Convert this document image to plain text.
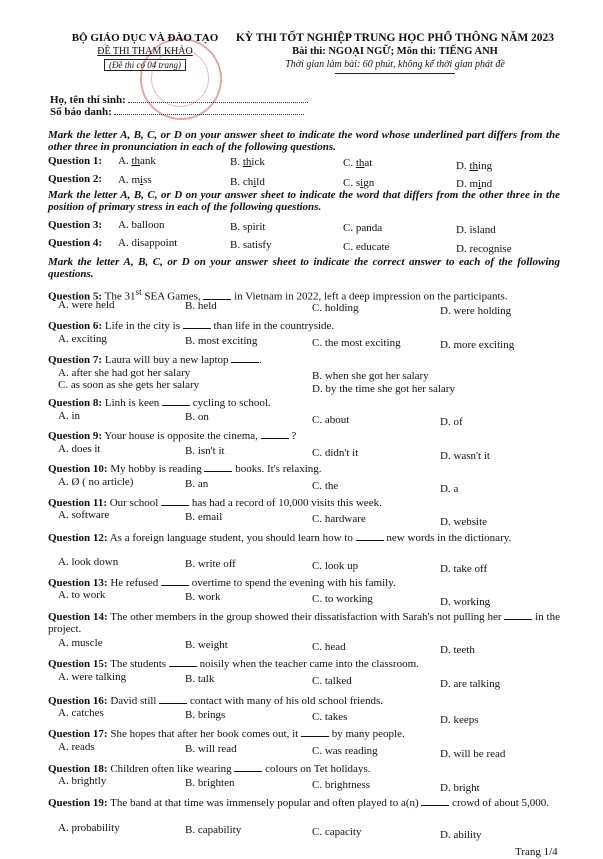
BỘ GIÁO DỤC VÀ ĐÀO TẠO
ĐỀ THI THAM KHẢO
(Đề thi có 04 trang)
KỲ THI TỐT NGHIỆP TRUNG HỌC PHỔ THÔNG NĂM 2023
Bài thi: NGOẠI NGỮ; Môn thi: TIẾNG ANH
Thời gian làm bài: 60 phút, không kể thời gian phát đề
Họ, tên thí sinh:
Số báo danh:
Mark the letter A, B, C, or D on your answer sheet to indicate the word whose underlined part differs from the other three in pronunciation in each of the following questions.
Question 1: A. thank	B. thick	C. that	D. thing
Question 2: A. miss	B. child	C. sign	D. mind
Mark the letter A, B, C, or D on your answer sheet to indicate the word that differs from the other three in the position of primary stress in each of the following questions.
Question 3: A. balloon	B. spirit	C. panda	D. island
Question 4: A. disappoint	B. satisfy	C. educate	D. recognise
Mark the letter A, B, C, or D on your answer sheet to indicate the correct answer to each of the following questions.
Question 5: The 31st SEA Games,	in Vietnam in 2022, left a deep impression on the participants.
A. were held	B. held	C. holding	D. were holding
Question 6: Life in the city is	than life in the countryside.
A. exciting	B. most exciting	C. the most exciting	D. more exciting
Question 7: Laura will buy a new laptop	.
A. after she had got her salary	B. when she got her salary
C. as soon as she gets her salary	D. by the time she got her salary
Question 8: Linh is keen	cycling to school.
A. in	B. on	C. about	D. of
Question 9: Your house is opposite the cinema,	?
A. does it	B. isn't it	C. didn't it	D. wasn't it
Question 10: My hobby is reading	books. It's relaxing.
A. Ø ( no article)	B. an	C. the	D. a
Question 11: Our school	has had a record of 10,000 visits this week.
A. software	B. email	C. hardware	D. website
Question 12: As a foreign language student, you should learn how to	new words in the dictionary.
A. look down	B. write off	C. look up	D. take off
Question 13: He refused	overtime to spend the evening with his family.
A. to work	B. work	C. to working	D. working
Question 14: The other members in the group showed their dissatisfaction with Sarah's not pulling her	in the project.
A. muscle	B. weight	C. head	D. teeth
Question 15: The students	noisily when the teacher came into the classroom.
A. were talking	B. talk	C. talked	D. are talking
Question 16: David still	contact with many of his old school friends.
A. catches	B. brings	C. takes	D. keeps
Question 17: She hopes that after her book comes out, it	by many people.
A. reads	B. will read	C. was reading	D. will be read
Question 18: Children often like wearing	colours on Tet holidays.
A. brightly	B. brighten	C. brightness	D. bright
Question 19: The band at that time was immensely popular and often played to a(n)	crowd of about 5,000.
A. probability	B. capability	C. capacity	D. ability
Trang 1/4
